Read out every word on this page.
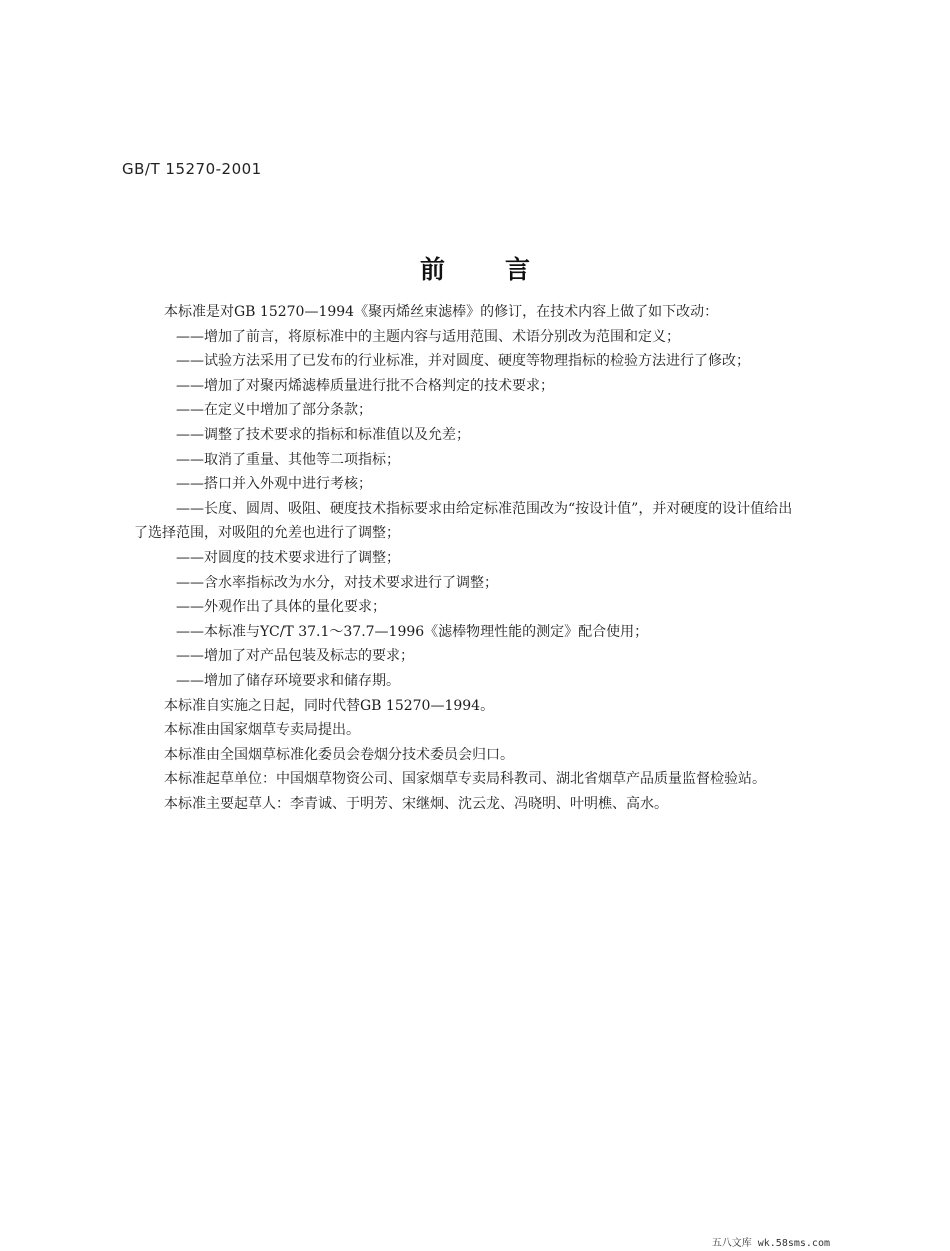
GB/T 15270-2001
前言
本标准是对GB 15270—1994《聚丙烯丝束滤棒》的修订，在技术内容上做了如下改动：
——增加了前言，将原标准中的主题内容与适用范围、术语分别改为范围和定义；
——试验方法采用了已发布的行业标准，并对圆度、硬度等物理指标的检验方法进行了修改；
——增加了对聚丙烯滤棒质量进行批不合格判定的技术要求；
——在定义中增加了部分条款；
——调整了技术要求的指标和标准值以及允差；
——取消了重量、其他等二项指标；
——搭口并入外观中进行考核；
——长度、圆周、吸阻、硬度技术指标要求由给定标准范围改为“按设计值”，并对硬度的设计值给出
了选择范围，对吸阻的允差也进行了调整；
——对圆度的技术要求进行了调整；
——含水率指标改为水分，对技术要求进行了调整；
——外观作出了具体的量化要求；
——本标准与YC/T 37.1～37.7—1996《滤棒物理性能的测定》配合使用；
——增加了对产品包装及标志的要求；
——增加了储存环境要求和储存期。
本标准自实施之日起，同时代替GB 15270—1994。
本标准由国家烟草专卖局提出。
本标准由全国烟草标准化委员会卷烟分技术委员会归口。
本标准起草单位：中国烟草物资公司、国家烟草专卖局科教司、湖北省烟草产品质量监督检验站。
本标准主要起草人：李青诚、于明芳、宋继炯、沈云龙、冯晓明、叶明樵、高水。
五八文库 wk.58sms.com
